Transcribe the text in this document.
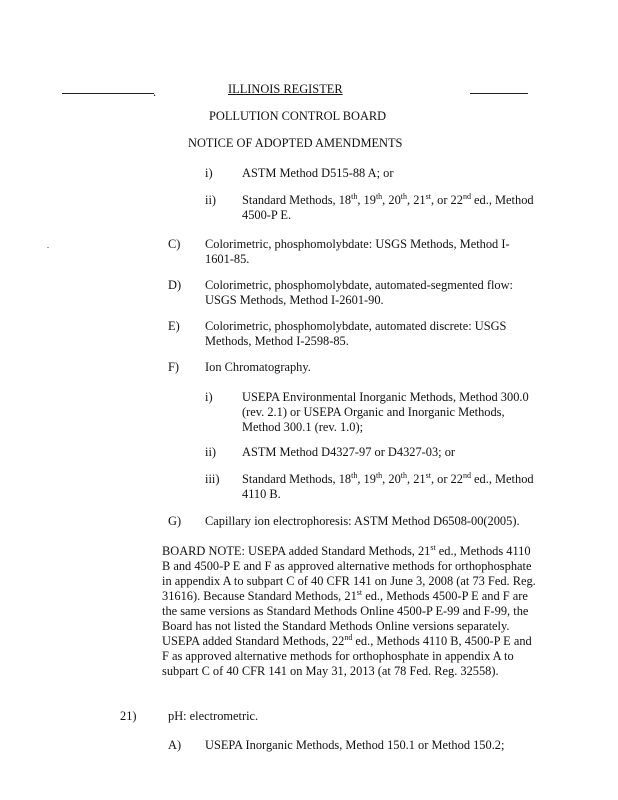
.	ILLINOIS REGISTER
POLLUTION CONTROL BOARD
NOTICE OF ADOPTED AMENDMENTS
i) ASTM Method D515-88 A; or
ii) Standard Methods, 18th, 19th, 20th, 21st, or 22nd ed., Method
4500-P E.
.	C) Colorimetric, phosphomolybdate: USGS Methods, Method I-
1601-85.
D) Colorimetric, phosphomolybdate, automated-segmented flow:
USGS Methods, Method I-2601-90.
E) Colorimetric, phosphomolybdate, automated discrete: USGS
Methods, Method I-2598-85.
F) Ion Chromatography.
i) USEPA Environmental Inorganic Methods, Method 300.0
(rev. 2.1) or USEPA Organic and Inorganic Methods,
Method 300.1 (rev. 1.0);
ii) ASTM Method D4327-97 or D4327-03; or
iii) Standard Methods, 18th, 19th, 20th, 21st, or 22nd ed., Method
4110 B.
G) Capillary ion electrophoresis: ASTM Method D6508-00(2005).
BOARD NOTE: USEPA added Standard Methods, 21st ed., Methods 4110
B and 4500-P E and F as approved alternative methods for orthophosphate
in appendix A to subpart C of 40 CFR 141 on June 3, 2008 (at 73 Fed. Reg.
31616). Because Standard Methods, 21st ed., Methods 4500-P E and F are
the same versions as Standard Methods Online 4500-P E-99 and F-99, the
Board has not listed the Standard Methods Online versions separately.
USEPA added Standard Methods, 22nd ed., Methods 4110 B, 4500-P E and
F as approved alternative methods for orthophosphate in appendix A to
subpart C of 40 CFR 141 on May 31, 2013 (at 78 Fed. Reg. 32558).
21)	pH: electrometric.
A) USEPA Inorganic Methods, Method 150.1 or Method 150.2;
